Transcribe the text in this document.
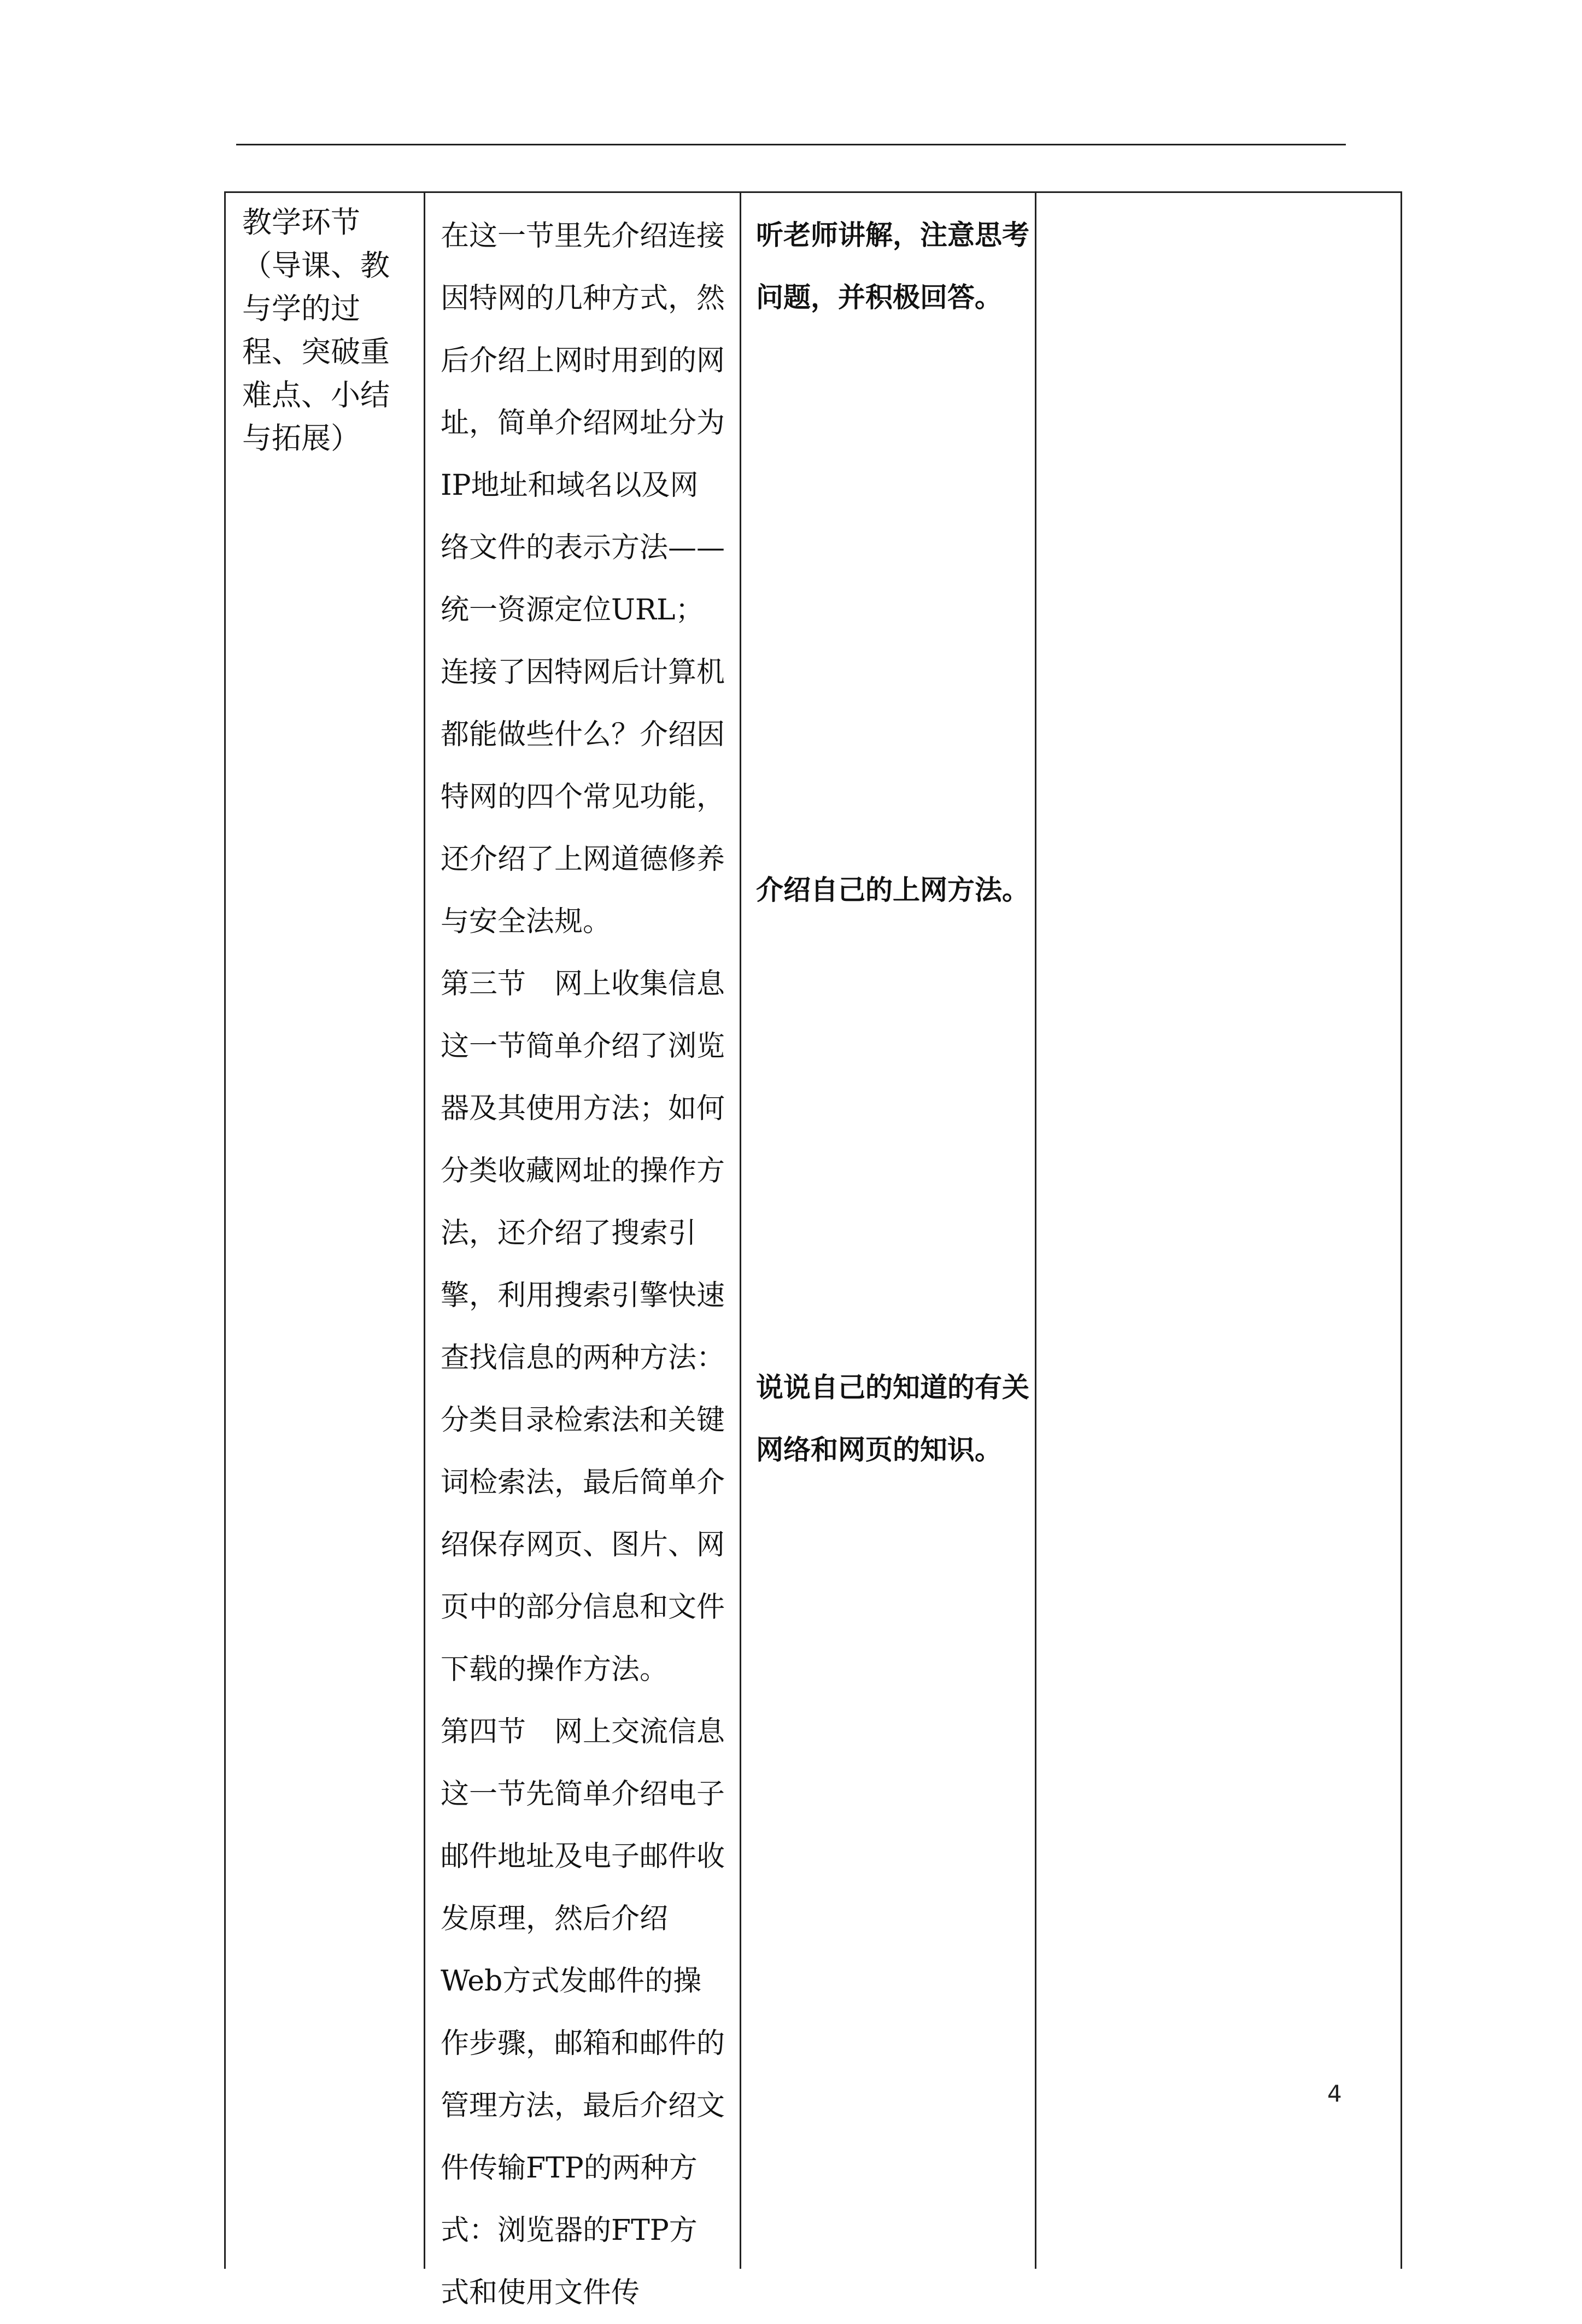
教学环节（导课、教与学的过程、突破重难点、小结与拓展）

在这一节里先介绍连接因特网的几种方式，然后介绍上网时用到的网址，简单介绍网址分为IP地址和域名以及网络文件的表示方法——统一资源定位URL；连接了因特网后计算机都能做些什么？介绍因特网的四个常见功能，还介绍了上网道德修养与安全法规。

第三节　网上收集信息

这一节简单介绍了浏览器及其使用方法；如何分类收藏网址的操作方法，还介绍了搜索引擎，利用搜索引擎快速查找信息的两种方法：分类目录检索法和关键词检索法，最后简单介绍保存网页、图片、网页中的部分信息和文件下载的操作方法。

第四节　网上交流信息

这一节先简单介绍电子邮件地址及电子邮件收发原理，然后介绍Web方式发邮件的操作步骤，邮箱和邮件的管理方法，最后介绍文件传输FTP的两种方式：浏览器的FTP方式和使用文件传

听老师讲解，注意思考问题，并积极回答。
介绍自己的上网方法。
说说自己的知道的有关网络和网页的知识。
4
